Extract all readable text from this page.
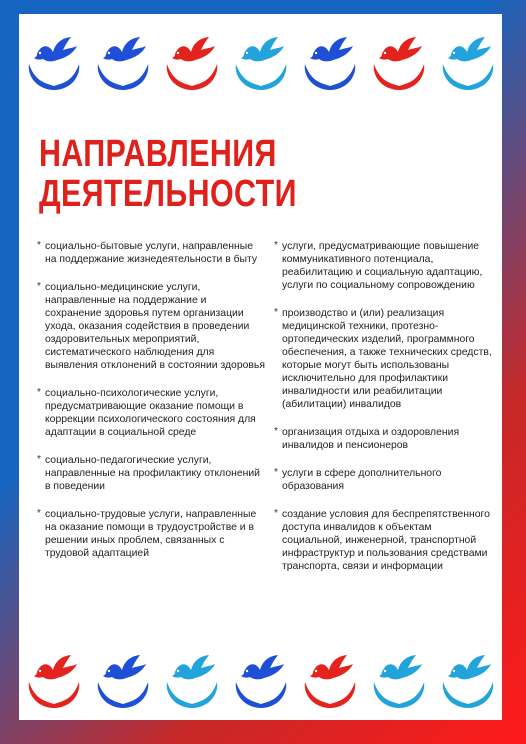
НАПРАВЛЕНИЯ
ДЕЯТЕЛЬНОСТИ
* социально-бытовые услуги, направленные на поддержание жизнедеятельности в быту
* социально-медицинские услуги, направленные на поддержание и сохранение здоровья путем организации ухода, оказания содействия в проведении оздоровительных мероприятий, систематического наблюдения для выявления отклонений в состоянии здоровья
* социально-психологические услуги, предусматривающие оказание помощи в коррекции психологического состояния для адаптации в социальной среде
* социально-педагогические услуги, направленные на профилактику отклонений в поведении
* социально-трудовые услуги, направленные на оказание помощи в трудоустройстве и в решении иных проблем, связанных с трудовой адаптацией
* услуги, предусматривающие повышение коммуникативного потенциала, реабилитацию и социальную адаптацию, услуги по социальному сопровождению
* производство и (или) реализация медицинской техники, протезно-ортопедических изделий, программного обеспечения, а также технических средств, которые могут быть использованы исключительно для профилактики инвалидности или реабилитации (абилитации) инвалидов
* организация отдыха и оздоровления инвалидов и пенсионеров
* услуги в сфере дополнительного образования
* создание условия для беспрепятственного доступа инвалидов к объектам социальной, инженерной, транспортной инфраструктур и пользования средствами транспорта, связи и информации
